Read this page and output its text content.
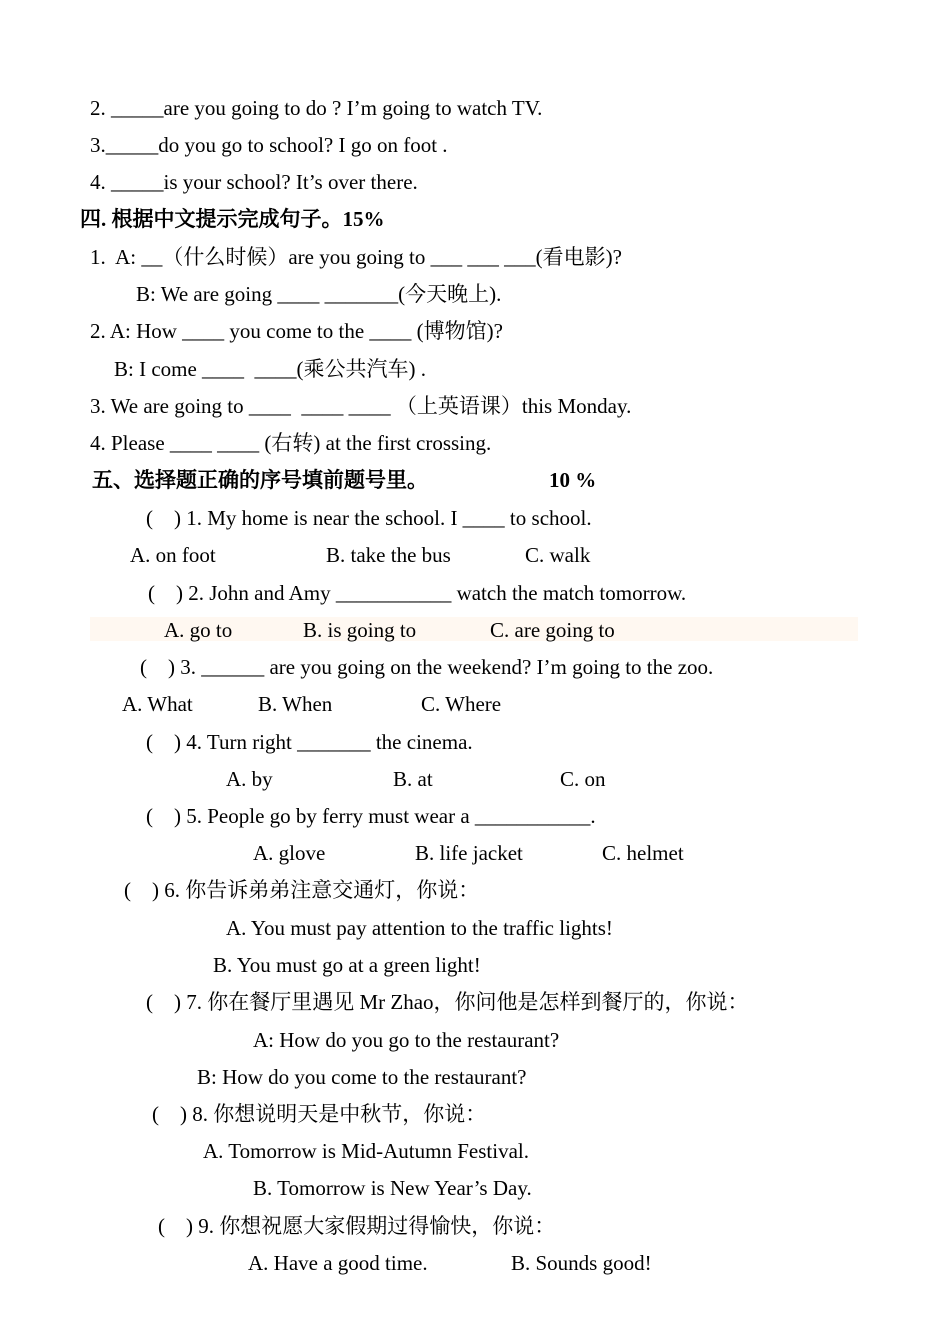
2. _____are you going to do ? I’m going to watch TV.
3._____do you go to school? I go on foot .
4. _____is your school? It’s over there.
四. 根据中文提示完成句子。15%
1.  A: __（什么时候）are you going to ___ ___ ___(看电影)?
B: We are going ____ _______(今天晚上).
2. A: How ____ you come to the ____ (博物馆)?
B: I come ____  ____(乘公共汽车) .
3. We are going to ____  ____ ____ （上英语课）this Monday.
4. Please ____ ____ (右转) at the first crossing.
五、选择题正确的序号填前题号里。	10 %
(    ) 1. My home is near the school. I ____ to school.
A. on foot	B. take the bus	C. walk
(    ) 2. John and Amy ___________ watch the match tomorrow.
A. go to	B. is going to	C. are going to
(    ) 3. ______ are you going on the weekend? I’m going to the zoo.
A. What	B. When	C. Where
(    ) 4. Turn right _______ the cinema.
A. by	B. at	C. on
(    ) 5. People go by ferry must wear a ___________.
A. glove	B. life jacket	C. helmet
(    ) 6. 你告诉弟弟注意交通灯，你说：
A. You must pay attention to the traffic lights!
B. You must go at a green light!
(    ) 7. 你在餐厅里遇见 Mr Zhao，你问他是怎样到餐厅的，你说：
A: How do you go to the restaurant?
B: How do you come to the restaurant?
(    ) 8. 你想说明天是中秋节，你说：
A. Tomorrow is Mid-Autumn Festival.
B. Tomorrow is New Year’s Day.
(    ) 9. 你想祝愿大家假期过得愉快，你说：
A. Have a good time.	B. Sounds good!
